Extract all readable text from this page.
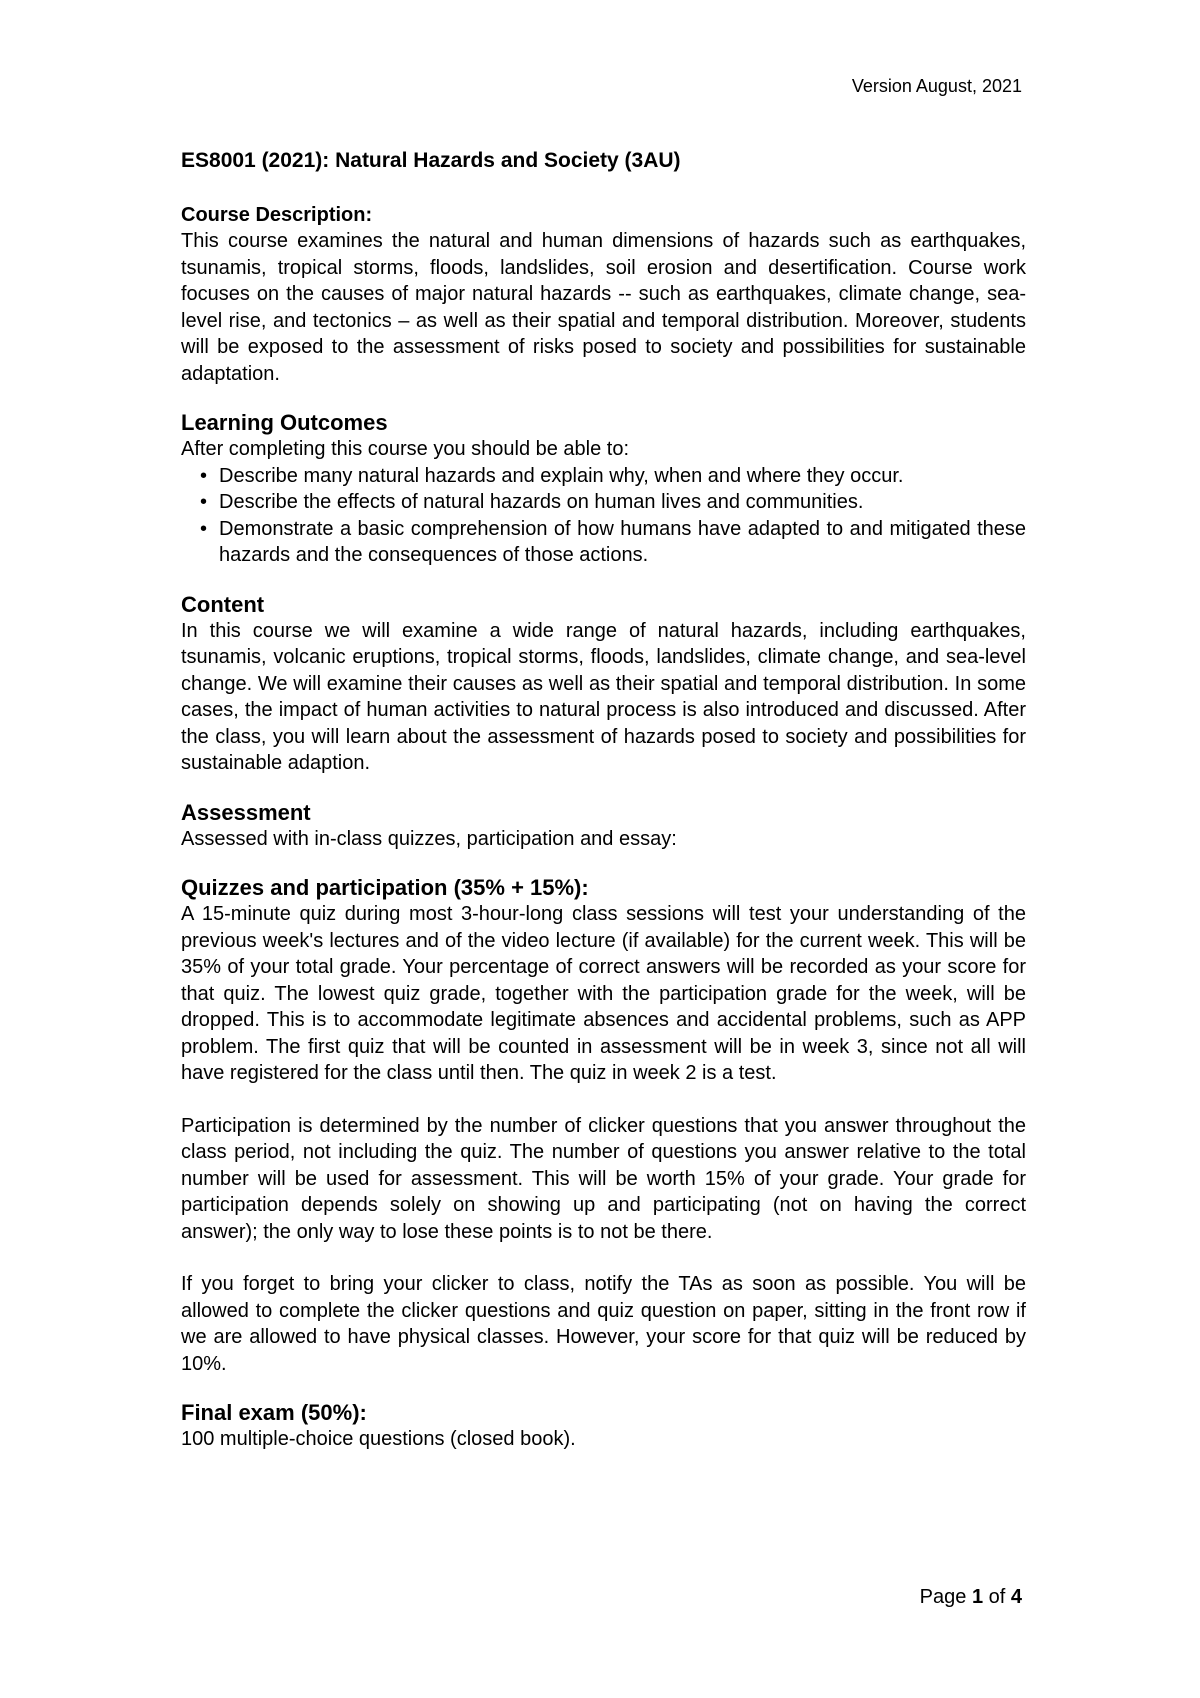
Version August, 2021
ES8001 (2021): Natural Hazards and Society (3AU)
Course Description:

This course examines the natural and human dimensions of hazards such as earthquakes, tsunamis, tropical storms, floods, landslides, soil erosion and desertification. Course work focuses on the causes of major natural hazards -- such as earthquakes, climate change, sea-level rise, and tectonics – as well as their spatial and temporal distribution. Moreover, students will be exposed to the assessment of risks posed to society and possibilities for sustainable adaptation.

Learning Outcomes

After completing this course you should be able to:

• Describe many natural hazards and explain why, when and where they occur.
• Describe the effects of natural hazards on human lives and communities.
• Demonstrate a basic comprehension of how humans have adapted to and mitigated these hazards and the consequences of those actions.
Content

In this course we will examine a wide range of natural hazards, including earthquakes, tsunamis, volcanic eruptions, tropical storms, floods, landslides, climate change, and sea-level change. We will examine their causes as well as their spatial and temporal distribution. In some cases, the impact of human activities to natural process is also introduced and discussed. After the class, you will learn about the assessment of hazards posed to society and possibilities for sustainable adaption.

Assessment

Assessed with in-class quizzes, participation and essay:

Quizzes and participation (35% + 15%):

A 15-minute quiz during most 3-hour-long class sessions will test your understanding of the previous week's lectures and of the video lecture (if available) for the current week. This will be 35% of your total grade. Your percentage of correct answers will be recorded as your score for that quiz. The lowest quiz grade, together with the participation grade for the week, will be dropped. This is to accommodate legitimate absences and accidental problems, such as APP problem. The first quiz that will be counted in assessment will be in week 3, since not all will have registered for the class until then. The quiz in week 2 is a test.

Participation is determined by the number of clicker questions that you answer throughout the class period, not including the quiz. The number of questions you answer relative to the total number will be used for assessment. This will be worth 15% of your grade. Your grade for participation depends solely on showing up and participating (not on having the correct answer); the only way to lose these points is to not be there.

If you forget to bring your clicker to class, notify the TAs as soon as possible. You will be allowed to complete the clicker questions and quiz question on paper, sitting in the front row if we are allowed to have physical classes. However, your score for that quiz will be reduced by 10%.

Final exam (50%):

100 multiple-choice questions (closed book).

Page 1 of 4
